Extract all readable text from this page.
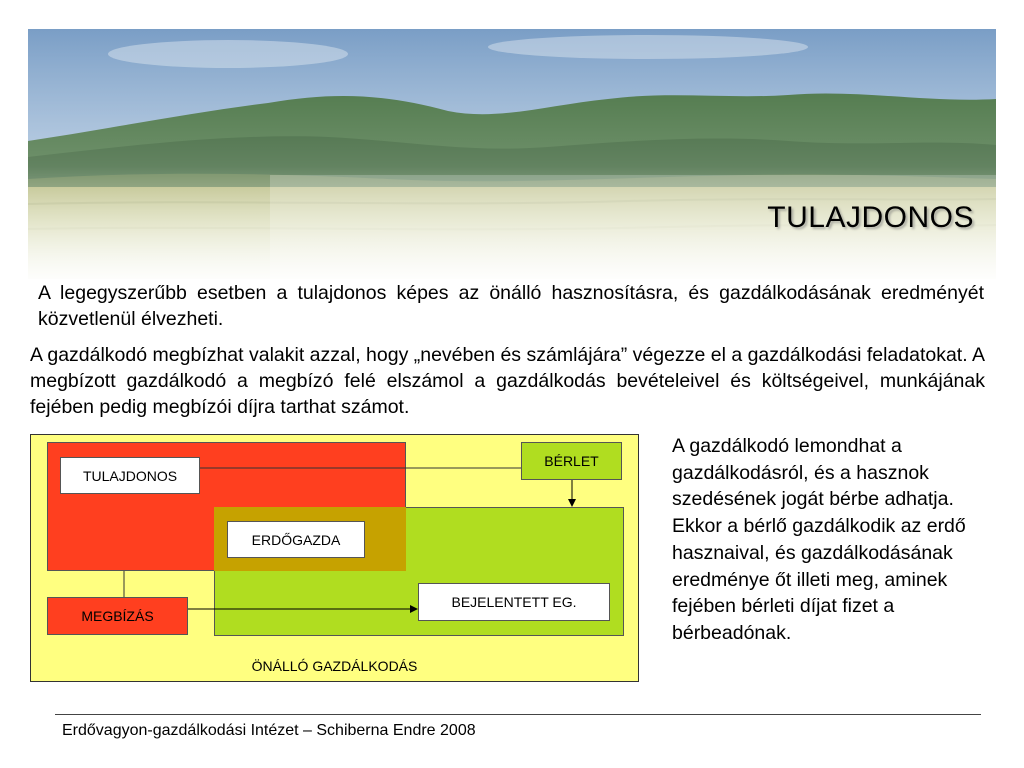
TULAJDONOS

A legegyszerűbb esetben a tulajdonos képes az önálló hasznosításra, és gazdálkodásának eredményét közvetlenül élvezheti.

A gazdálkodó megbízhat valakit azzal, hogy „nevében és számlájára” végezze el a gazdálkodási feladatokat. A megbízott gazdálkodó a megbízó felé elszámol a gazdálkodás bevételeivel és költségeivel, munkájának fejében pedig megbízói díjra tarthat számot.

TULAJDONOS
BÉRLET
ERDŐGAZDA
MEGBÍZÁS
BEJELENTETT EG.
ÖNÁLLÓ GAZDÁLKODÁS

A gazdálkodó lemondhat a gazdálkodásról, és a hasznok szedésének jogát bérbe adhatja. Ekkor a bérlő gazdálkodik az erdő hasznaival, és gazdálkodásának eredménye őt illeti meg, aminek fejében bérleti díjat fizet a bérbeadónak.

Erdővagyon-gazdálkodási Intézet – Schiberna Endre 2008
